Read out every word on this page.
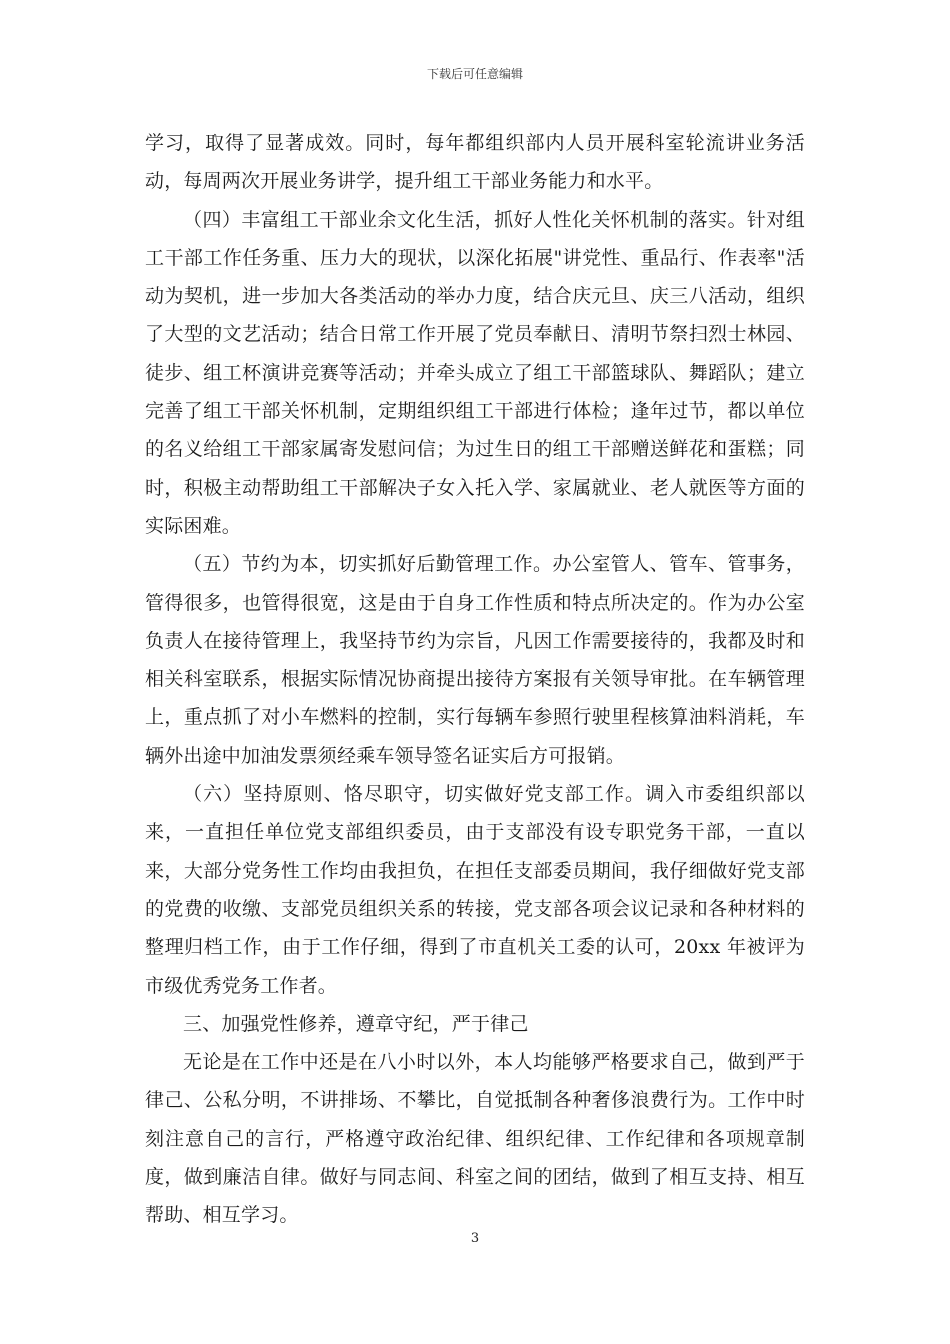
下载后可任意编辑

学习，取得了显著成效。同时，每年都组织部内人员开展科室轮流讲业务活动，每周两次开展业务讲学，提升组工干部业务能力和水平。

（四）丰富组工干部业余文化生活，抓好人性化关怀机制的落实。针对组工干部工作任务重、压力大的现状，以深化拓展"讲党性、重品行、作表率"活动为契机，进一步加大各类活动的举办力度，结合庆元旦、庆三八活动，组织了大型的文艺活动；结合日常工作开展了党员奉献日、清明节祭扫烈士林园、徒步、组工杯演讲竞赛等活动；并牵头成立了组工干部篮球队、舞蹈队；建立完善了组工干部关怀机制，定期组织组工干部进行体检；逢年过节，都以单位的名义给组工干部家属寄发慰问信；为过生日的组工干部赠送鲜花和蛋糕；同时，积极主动帮助组工干部解决子女入托入学、家属就业、老人就医等方面的实际困难。

（五）节约为本，切实抓好后勤管理工作。办公室管人、管车、管事务，管得很多，也管得很宽，这是由于自身工作性质和特点所决定的。作为办公室负责人在接待管理上，我坚持节约为宗旨，凡因工作需要接待的，我都及时和相关科室联系，根据实际情况协商提出接待方案报有关领导审批。在车辆管理上，重点抓了对小车燃料的控制，实行每辆车参照行驶里程核算油料消耗，车辆外出途中加油发票须经乘车领导签名证实后方可报销。

（六）坚持原则、恪尽职守，切实做好党支部工作。调入市委组织部以来，一直担任单位党支部组织委员，由于支部没有设专职党务干部，一直以来，大部分党务性工作均由我担负，在担任支部委员期间，我仔细做好党支部的党费的收缴、支部党员组织关系的转接，党支部各项会议记录和各种材料的整理归档工作，由于工作仔细，得到了市直机关工委的认可，20xx 年被评为市级优秀党务工作者。

三、加强党性修养，遵章守纪，严于律己

无论是在工作中还是在八小时以外，本人均能够严格要求自己，做到严于律己、公私分明，不讲排场、不攀比，自觉抵制各种奢侈浪费行为。工作中时刻注意自己的言行，严格遵守政治纪律、组织纪律、工作纪律和各项规章制度，做到廉洁自律。做好与同志间、科室之间的团结，做到了相互支持、相互帮助、相互学习。

3
